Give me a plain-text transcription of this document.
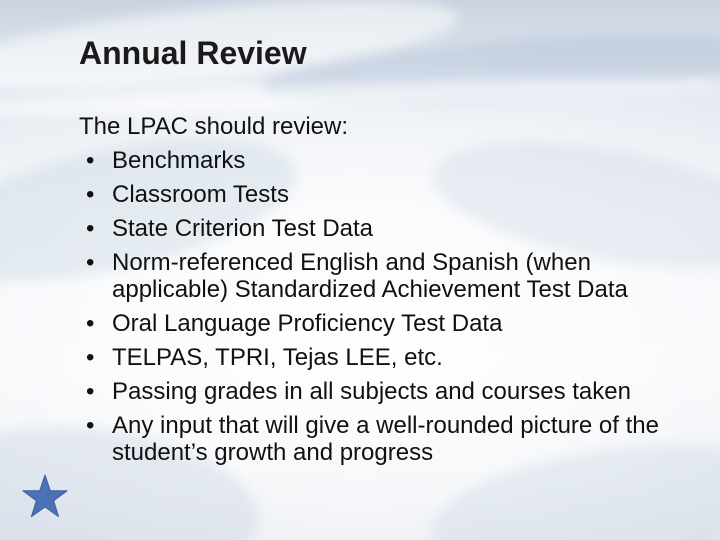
Annual Review

The LPAC should review:

• Benchmarks
• Classroom Tests
• State Criterion Test Data
• Norm-referenced English and Spanish (when applicable) Standardized Achievement Test Data
• Oral Language Proficiency Test Data
• TELPAS, TPRI, Tejas LEE, etc.
• Passing grades in all subjects and courses taken
• Any input that will give a well-rounded picture of the student’s growth and progress
